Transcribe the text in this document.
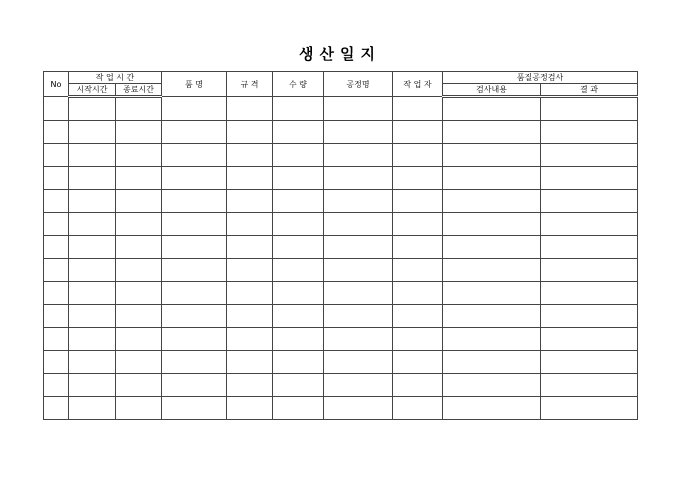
생산일지
No	작 업 시 간		품 명	규 격	수 량	공정명	작 업 자	품질공정검사	
	시작시간	종료시간						검사내용	결 과
